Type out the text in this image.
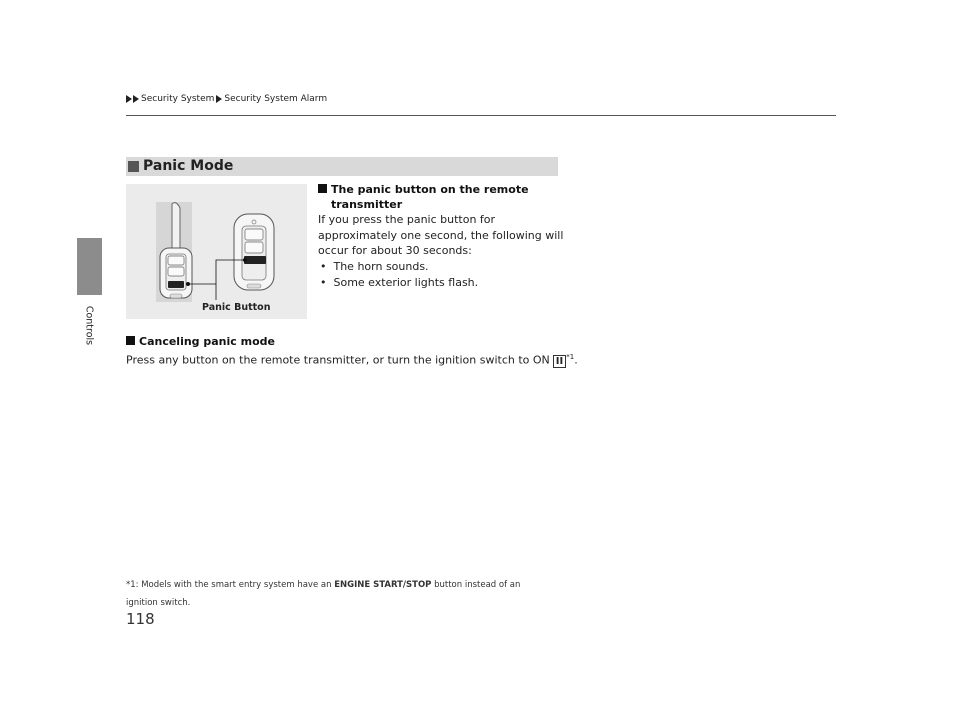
Security System Security System Alarm
Controls
Panic Mode
Panic Button
The panic button on the remote
transmitter
If you press the panic button for
approximately one second, the following will
occur for about 30 seconds:
•  The horn sounds.
•  Some exterior lights flash.
Canceling panic mode
Press any button on the remote transmitter, or turn the ignition switch to ON II $^{*1}$.
*1: Models with the smart entry system have an ENGINE START/STOP button instead of an
ignition switch.
118
